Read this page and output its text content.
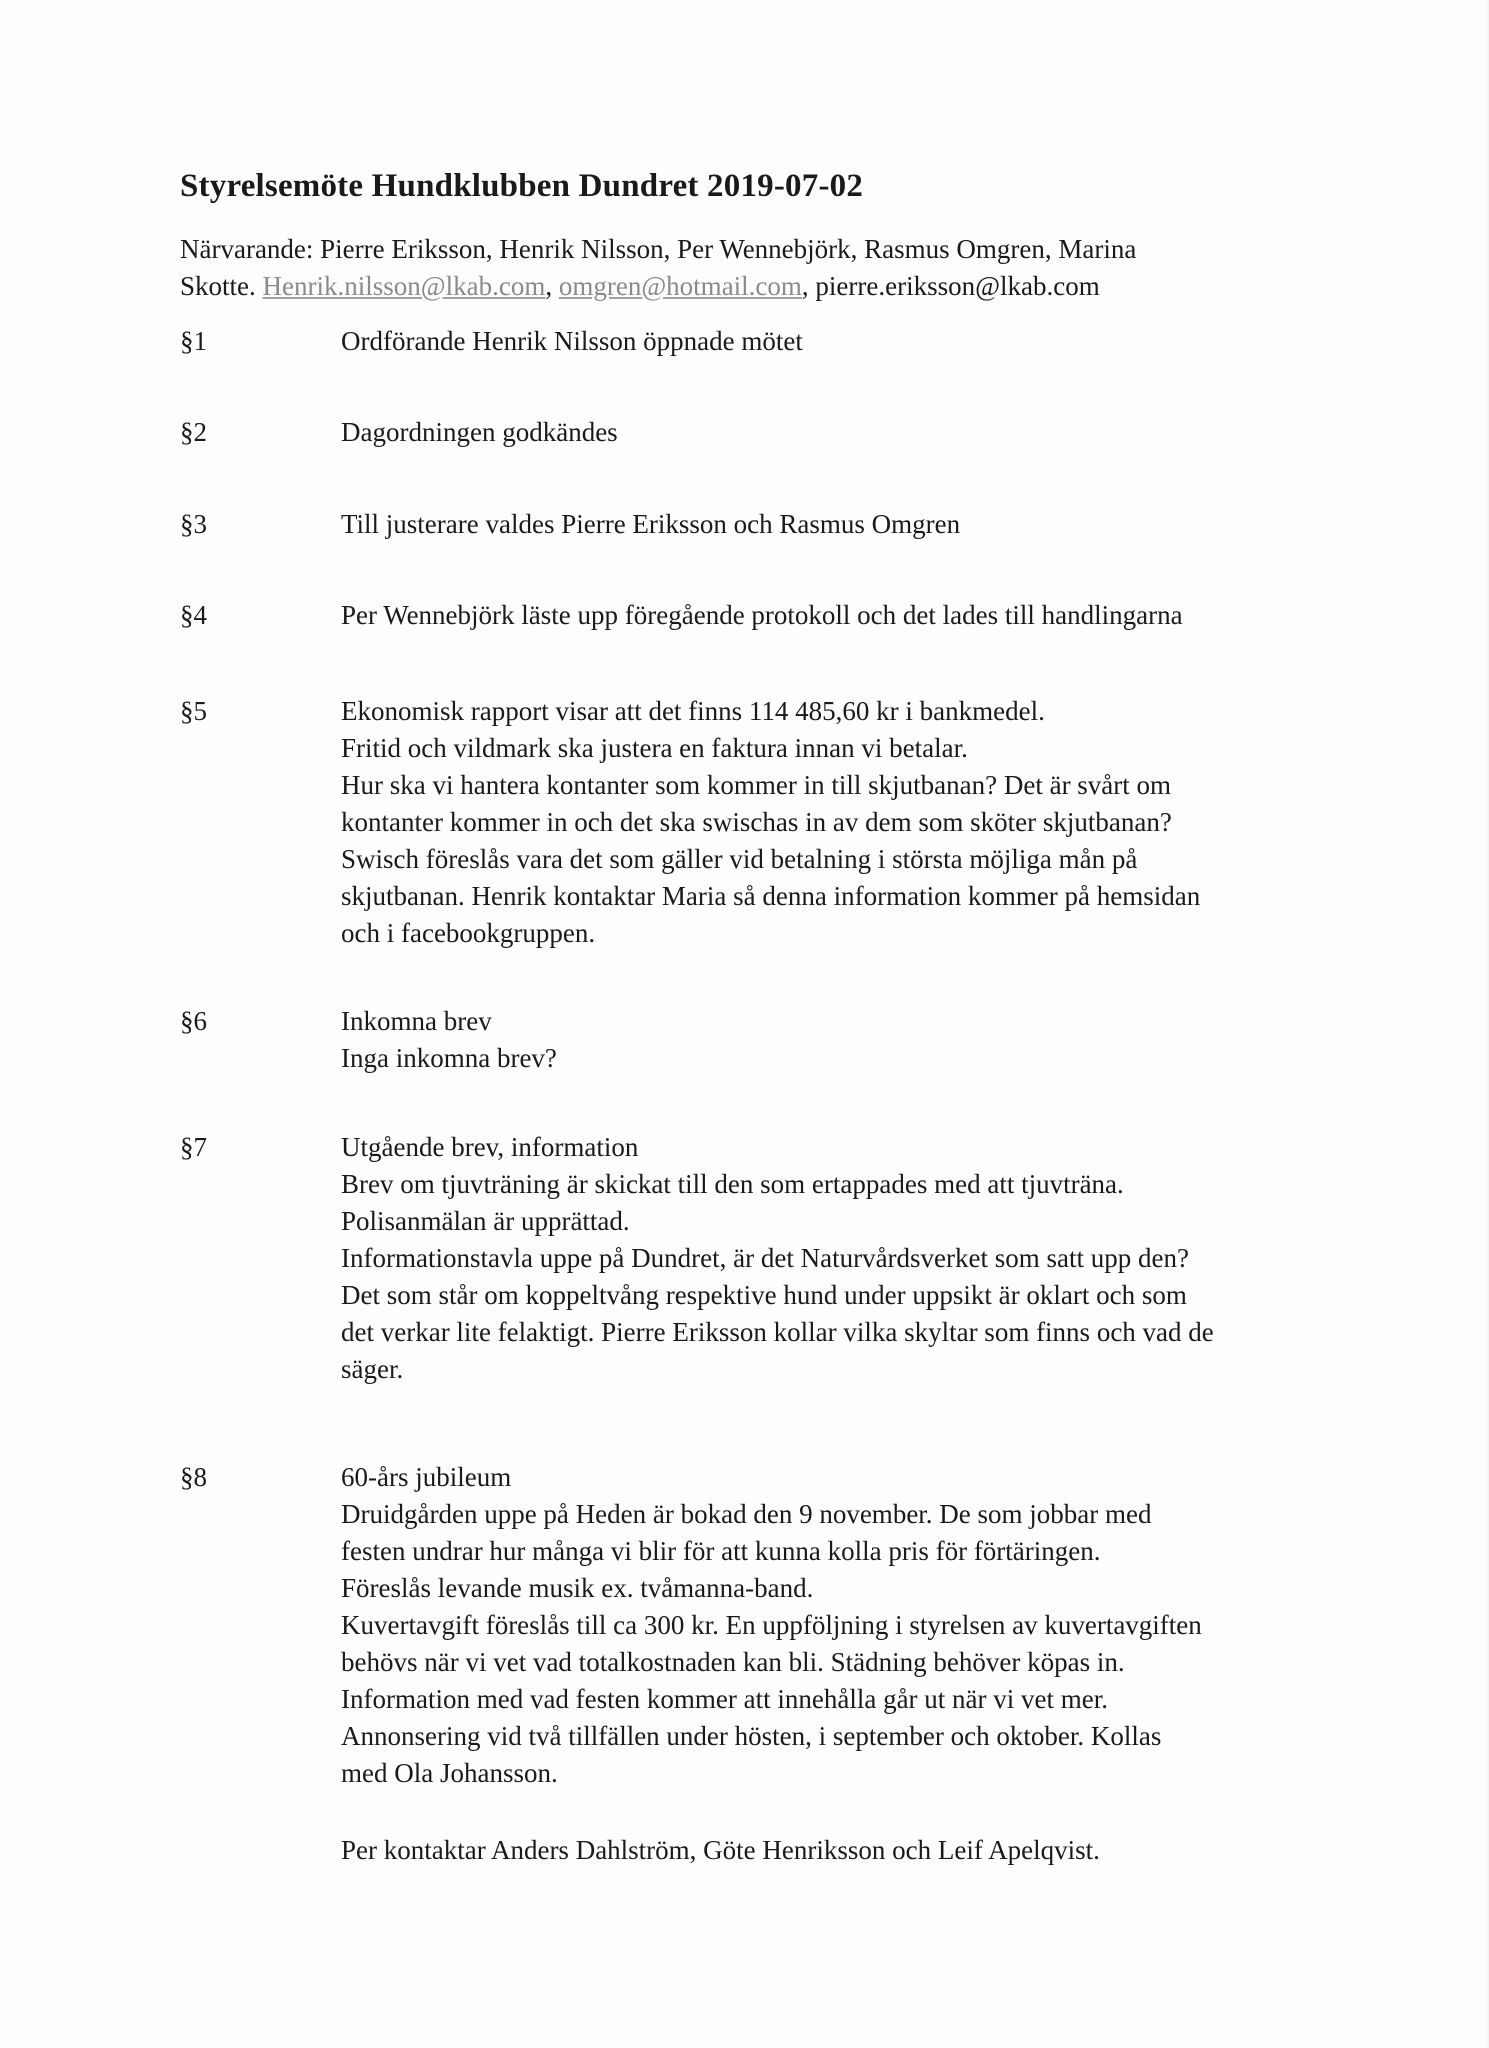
Styrelsemöte Hundklubben Dundret 2019-07-02
Närvarande: Pierre Eriksson, Henrik Nilsson, Per Wennebjörk, Rasmus Omgren, Marina
Skotte. Henrik.nilsson@lkab.com, omgren@hotmail.com, pierre.eriksson@lkab.com
§1	Ordförande Henrik Nilsson öppnade mötet
§2	Dagordningen godkändes
§3	Till justerare valdes Pierre Eriksson och Rasmus Omgren
§4	Per Wennebjörk läste upp föregående protokoll och det lades till handlingarna
§5	Ekonomisk rapport visar att det finns 114 485,60 kr i bankmedel.
Fritid och vildmark ska justera en faktura innan vi betalar.
Hur ska vi hantera kontanter som kommer in till skjutbanan? Det är svårt om
kontanter kommer in och det ska swischas in av dem som sköter skjutbanan?
Swisch föreslås vara det som gäller vid betalning i största möjliga mån på
skjutbanan. Henrik kontaktar Maria så denna information kommer på hemsidan
och i facebookgruppen.
§6	Inkomna brev
Inga inkomna brev?
§7	Utgående brev, information
Brev om tjuvträning är skickat till den som ertappades med att tjuvträna.
Polisanmälan är upprättad.
Informationstavla uppe på Dundret, är det Naturvårdsverket som satt upp den?
Det som står om koppeltvång respektive hund under uppsikt är oklart och som
det verkar lite felaktigt. Pierre Eriksson kollar vilka skyltar som finns och vad de
säger.
§8	60-års jubileum
Druidgården uppe på Heden är bokad den 9 november. De som jobbar med
festen undrar hur många vi blir för att kunna kolla pris för förtäringen.
Föreslås levande musik ex. tvåmanna-band.
Kuvertavgift föreslås till ca 300 kr. En uppföljning i styrelsen av kuvertavgiften
behövs när vi vet vad totalkostnaden kan bli. Städning behöver köpas in.
Information med vad festen kommer att innehålla går ut när vi vet mer.
Annonsering vid två tillfällen under hösten, i september och oktober. Kollas
med Ola Johansson.
Per kontaktar Anders Dahlström, Göte Henriksson och Leif Apelqvist.
